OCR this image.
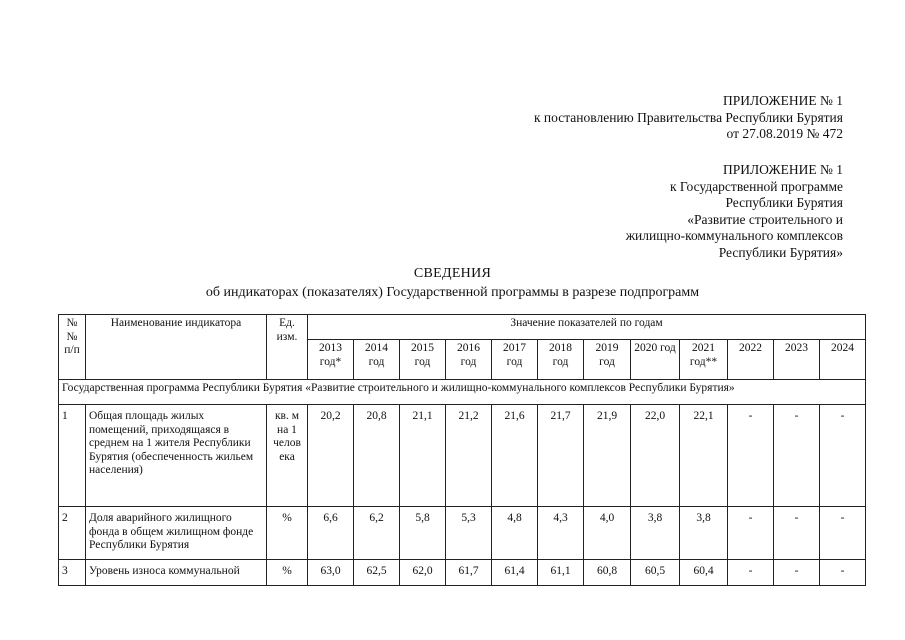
ПРИЛОЖЕНИЕ № 1
к постановлению Правительства Республики Бурятия
от 27.08.2019 № 472
ПРИЛОЖЕНИЕ № 1
к Государственной программе
Республики Бурятия
«Развитие строительного и
жилищно-коммунального комплексов
Республики Бурятия»
СВЕДЕНИЯ
об индикаторах (показателях) Государственной программы в разрезе подпрограмм
№ № п/п	Наименование индикатора	Ед. изм.	Значение показателей по годам											
			2013 год*	2014 год	2015 год	2016 год	2017 год	2018 год	2019 год	2020 год	2021 год**	2022	2023	2024
Государственная программа Республики Бурятия «Развитие строительного и жилищно-коммунального комплексов Республики Бурятия»														
1	Общая площадь жилых помещений, приходящаяся в среднем на 1 жителя Республики Бурятия (обеспеченность жильем населения)	кв. м на 1 челов ека	20,2	20,8	21,1	21,2	21,6	21,7	21,9	22,0	22,1	-	-	-
2	Доля аварийного жилищного фонда в общем жилищном фонде Республики Бурятия	%	6,6	6,2	5,8	5,3	4,8	4,3	4,0	3,8	3,8	-	-	-
3	Уровень износа коммунальной	%	63,0	62,5	62,0	61,7	61,4	61,1	60,8	60,5	60,4	-	-	-
